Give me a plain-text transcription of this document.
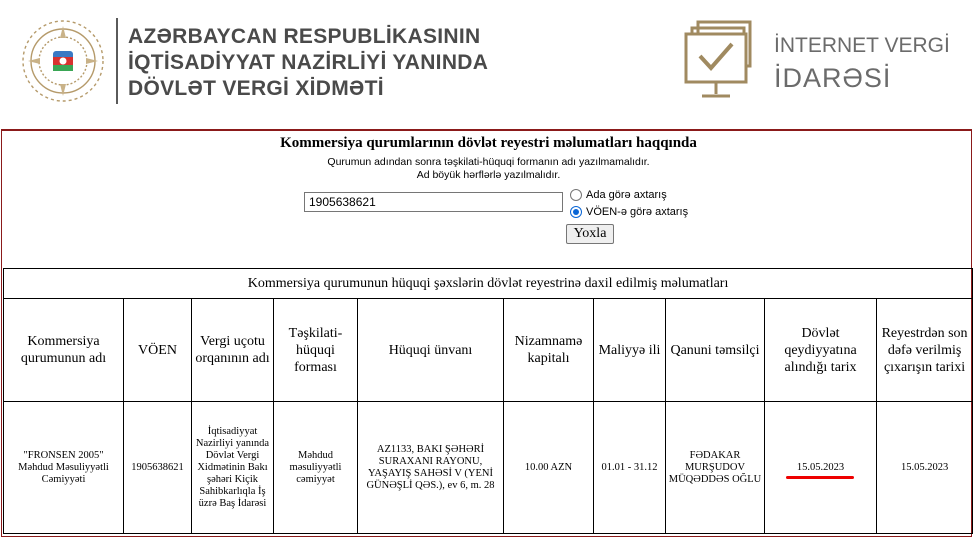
AZƏRBAYCAN RESPUBLİKASININ
İQTİSADİYYAT NAZİRLİYİ YANINDA
DÖVLƏT VERGİ XİDMƏTİ
İNTERNET VERGİ
İDARƏSİ
Kommersiya qurumlarının dövlət reyestri məlumatları haqqında
Qurumun adından sonra təşkilati-hüquqi formanın adı yazılmamalıdır.
Ad böyük hərflərlə yazılmalıdır.
1905638621
Ada görə axtarış
VÖEN-ə görə axtarış
Yoxla
Kommersiya qurumunun hüquqi şəxslərin dövlət reyestrinə daxil edilmiş məlumatları									
Kommersiya qurumunun adı	VÖEN	Vergi uçotu orqanının adı	Təşkilati-hüquqi forması	Hüquqi ünvanı	Nizamnamə kapitalı	Maliyyə ili	Qanuni təmsilçi	Dövlət qeydiyyatına alındığı tarix	Reyestrdən son dəfə verilmiş çıxarışın tarixi
"FRONSEN 2005" Məhdud Məsuliyyətli Cəmiyyəti	1905638621	İqtisadiyyat Nazirliyi yanında Dövlət Vergi Xidmətinin Bakı şəhəri Kiçik Sahibkarlıqla İş üzrə Baş İdarəsi	Məhdud məsuliyyətli cəmiyyət	AZ1133, BAKI ŞƏHƏRİ SURAXANI RAYONU, YAŞAYIŞ SAHƏSİ V (YENİ GÜNƏŞLİ QƏS.), ev 6, m. 28	10.00 AZN	01.01 - 31.12	FƏDAKAR MURŞUDOV MÜQƏDDƏS OĞLU	15.05.2023	15.05.2023
